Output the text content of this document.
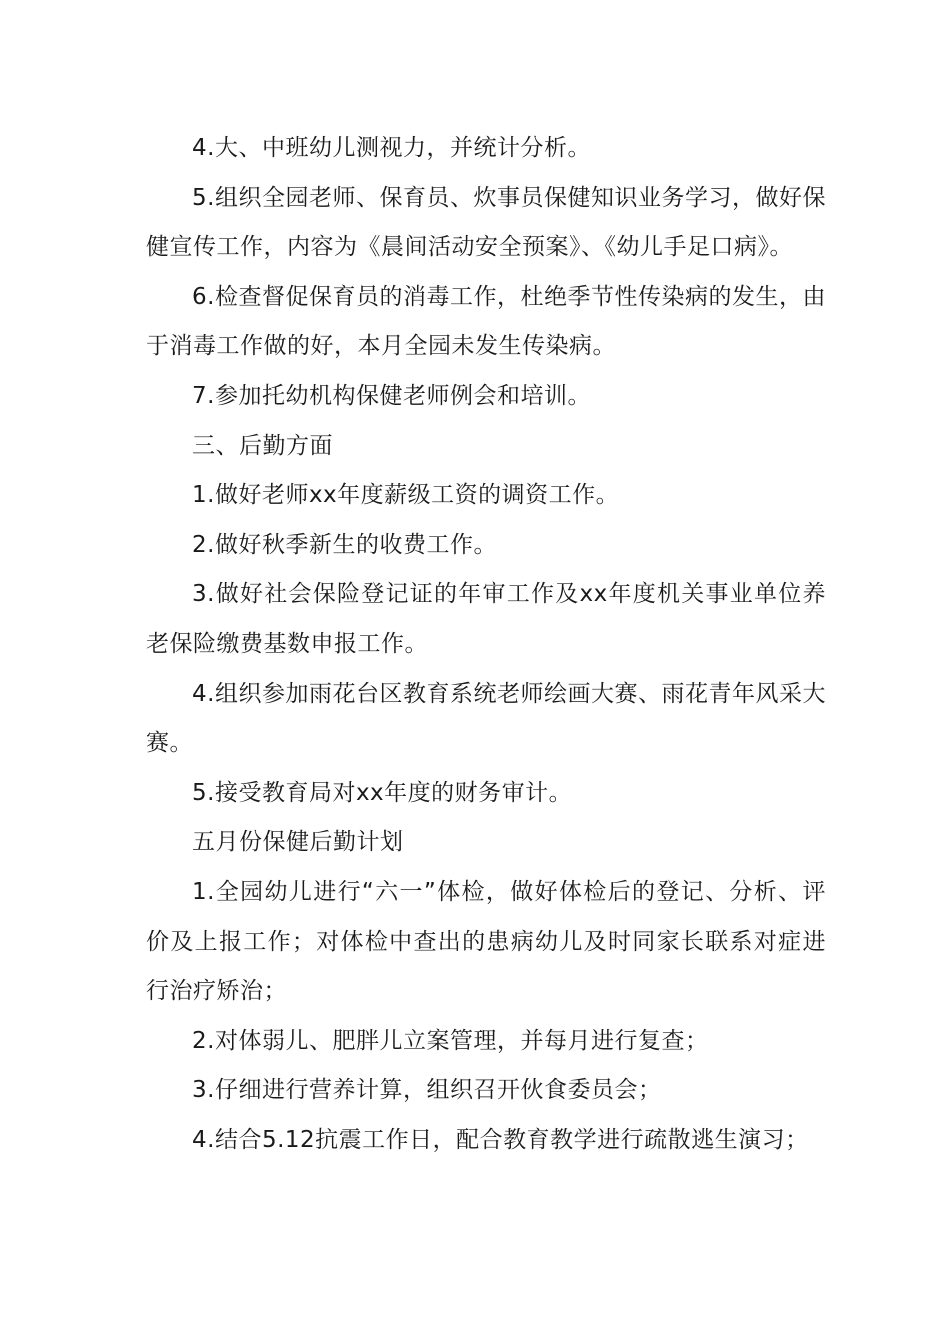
4.大、中班幼儿测视力，并统计分析。

5.组织全园老师、保育员、炊事员保健知识业务学习，做好保健宣传工作，内容为《晨间活动安全预案》、《幼儿手足口病》。

6.检查督促保育员的消毒工作，杜绝季节性传染病的发生，由于消毒工作做的好，本月全园未发生传染病。

7.参加托幼机构保健老师例会和培训。

三、后勤方面

1.做好老师xx年度薪级工资的调资工作。

2.做好秋季新生的收费工作。

3.做好社会保险登记证的年审工作及xx年度机关事业单位养老保险缴费基数申报工作。

4.组织参加雨花台区教育系统老师绘画大赛、雨花青年风采大赛。

5.接受教育局对xx年度的财务审计。

五月份保健后勤计划

1.全园幼儿进行“六一”体检，做好体检后的登记、分析、评价及上报工作；对体检中查出的患病幼儿及时同家长联系对症进行治疗矫治；

2.对体弱儿、肥胖儿立案管理，并每月进行复查；

3.仔细进行营养计算，组织召开伙食委员会；

4.结合5.12抗震工作日，配合教育教学进行疏散逃生演习；
